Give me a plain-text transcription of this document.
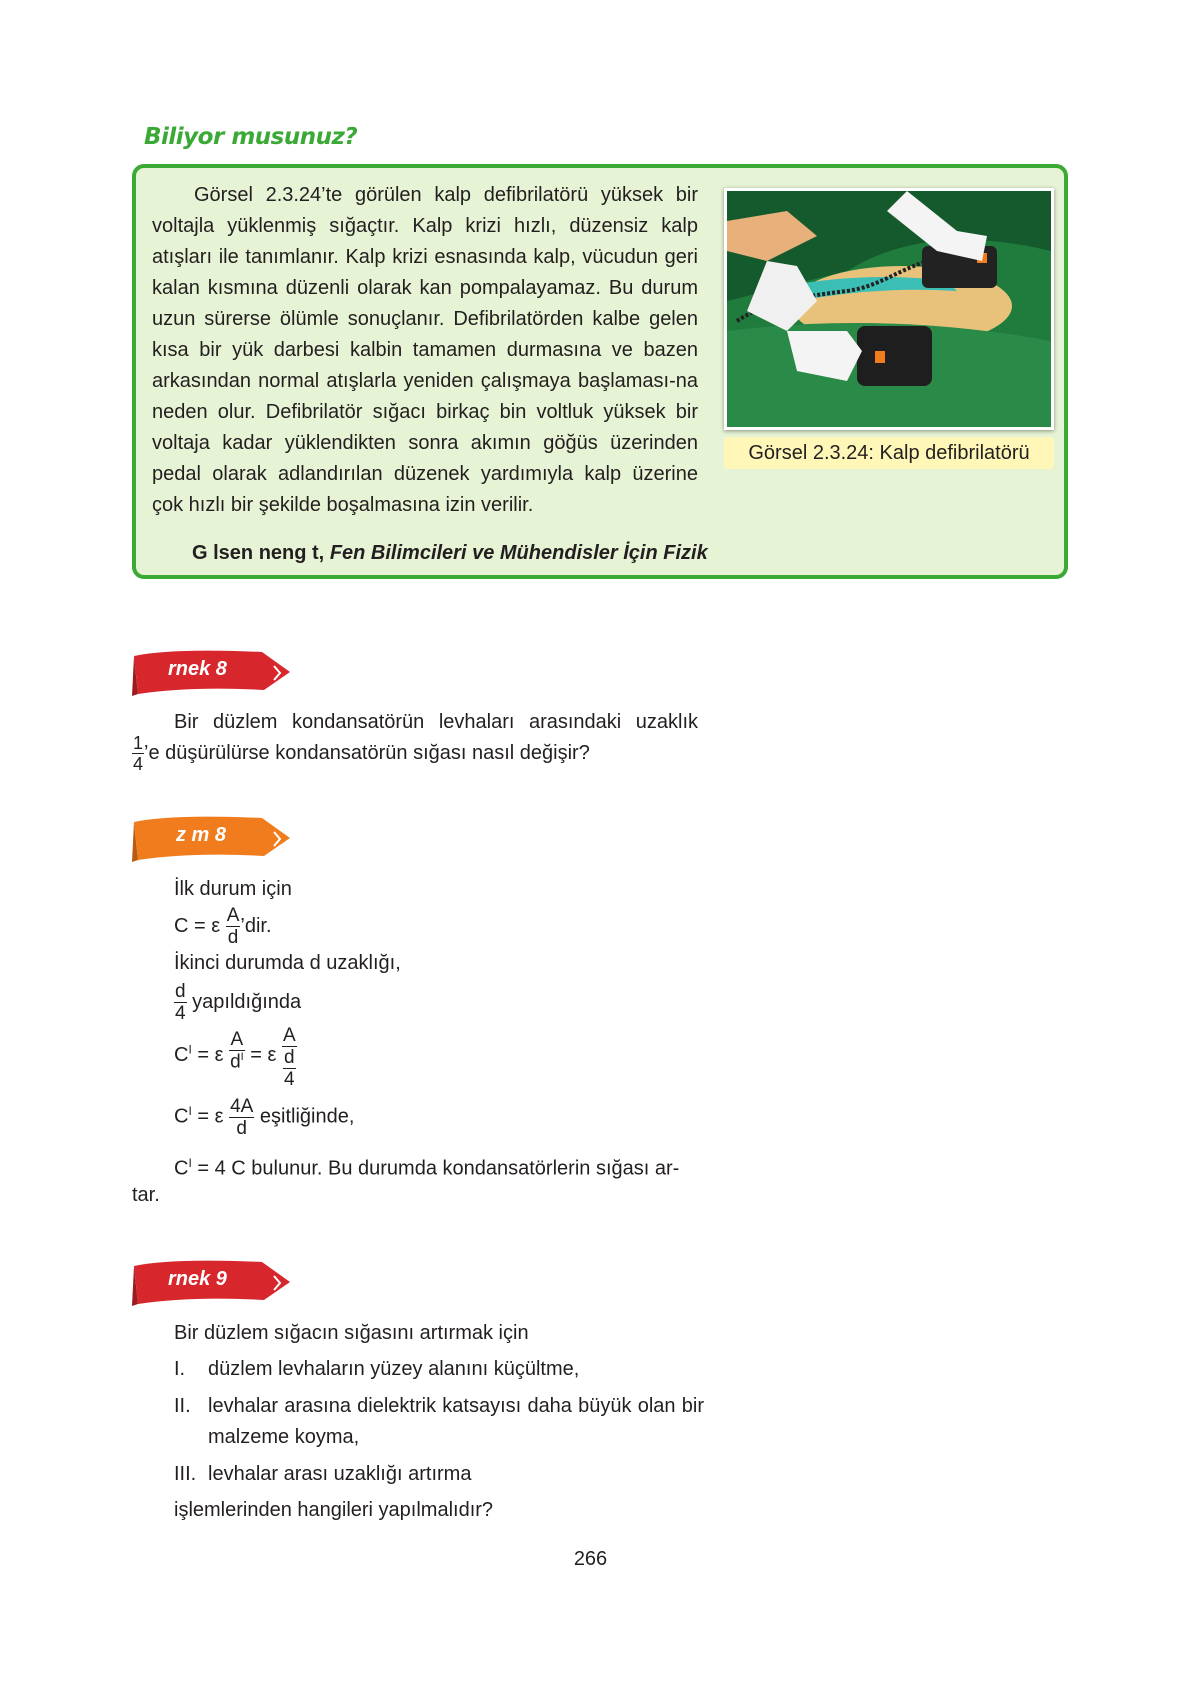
Biliyor musunuz?

Görsel 2.3.24’te görülen kalp defibrilatörü yüksek bir voltajla yüklenmiş sığaçtır. Kalp krizi hızlı, düzensiz kalp atışları ile tanımlanır. Kalp krizi esnasında kalp, vücudun geri kalan kısmına düzenli olarak kan pompalayamaz. Bu durum uzun sürerse ölümle sonuçlanır. Defibrilatörden kalbe gelen kısa bir yük darbesi kalbin tamamen durmasına ve bazen arkasından normal atışlarla yeniden çalışmaya başlaması-na neden olur. Defibrilatör sığacı birkaç bin voltluk yüksek bir voltaja kadar yüklendikten sonra akımın göğüs üzerinden pedal olarak adlandırılan düzenek yardımıyla kalp üzerine çok hızlı bir şekilde boşalmasına izin verilir.

Görsel 2.3.24: Kalp defibrilatörü
G lsen neng t, Fen Bilimcileri ve Mühendisler İçin Fizik
rnek 8
Bir düzlem kondansatörün levhaları arasındaki uzaklık
$\frac{1}{4}$ ’e düşürülürse kondansatörün sığası nasıl değişir?
z m 8
İlk durum için
C = ε $\frac{A}{d}$ ’dir.
İkinci durumda d uzaklığı,
$\frac{d}{4}$ yapıldığında
$C^I = \varepsilon \frac{A}{d^I} = \varepsilon$ A
d
4
$C^I = \varepsilon \frac{4A}{d}$ eşitliğinde,
$C^I = 4$ C bulunur. Bu durumda kondansatörlerin sığası ar-
tar.
rnek 9
Bir düzlem sığacın sığasını artırmak için
I. düzlem levhaların yüzey alanını küçültme,
II. levhalar arasına dielektrik katsayısı daha büyük olan bir malzeme koyma,
III. levhalar arası uzaklığı artırma
işlemlerinden hangileri yapılmalıdır?
266
